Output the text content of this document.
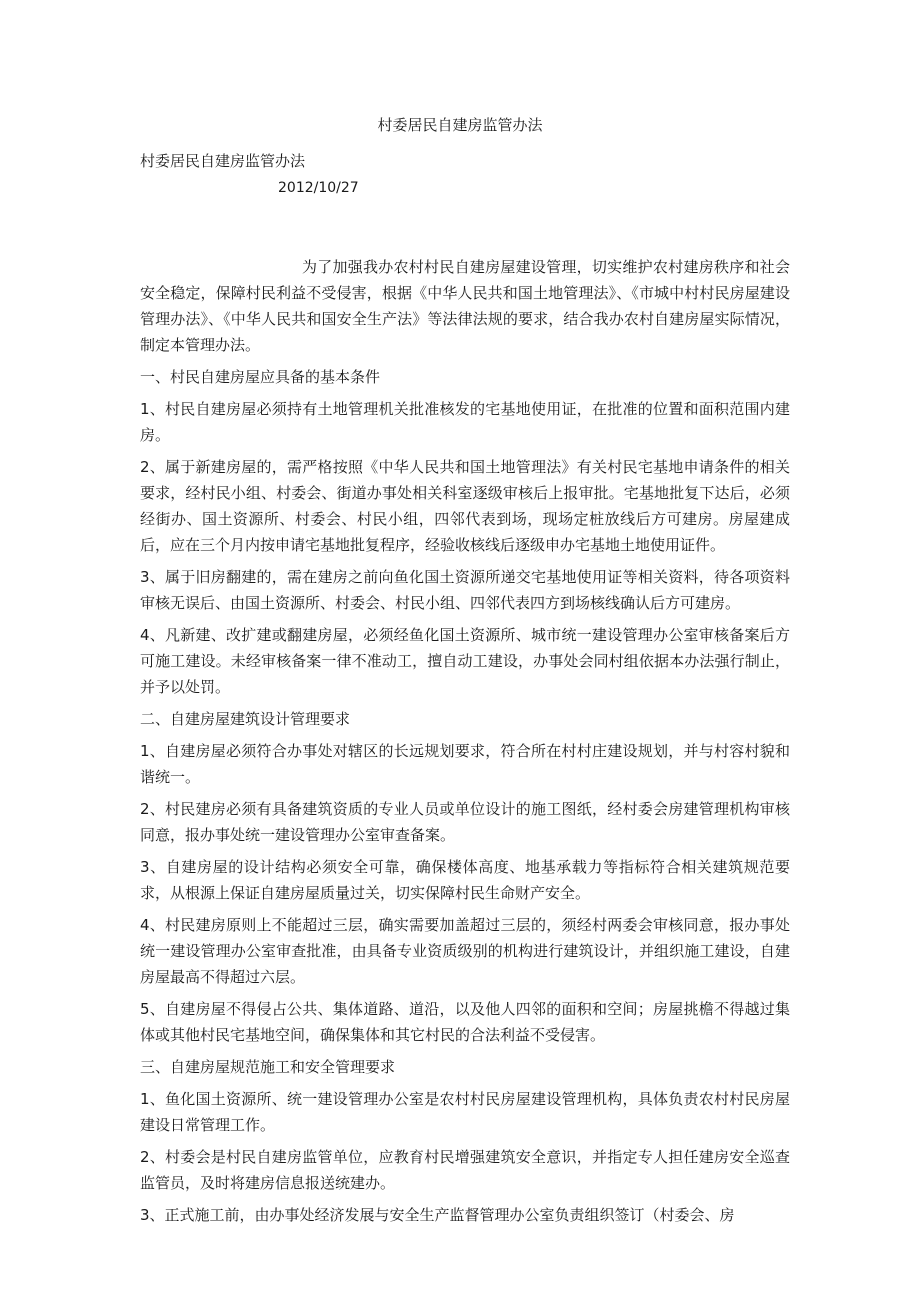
村委居民自建房监管办法
村委居民自建房监管办法
2012/10/27

为了加强我办农村村民自建房屋建设管理，切实维护农村建房秩序和社会安全稳定，保障村民利益不受侵害，根据《中华人民共和国土地管理法》、《市城中村村民房屋建设管理办法》、《中华人民共和国安全生产法》等法律法规的要求，结合我办农村自建房屋实际情况，制定本管理办法。

一、村民自建房屋应具备的基本条件

1、村民自建房屋必须持有土地管理机关批准核发的宅基地使用证，在批准的位置和面积范围内建房。

2、属于新建房屋的，需严格按照《中华人民共和国土地管理法》有关村民宅基地申请条件的相关要求，经村民小组、村委会、街道办事处相关科室逐级审核后上报审批。宅基地批复下达后，必须经街办、国土资源所、村委会、村民小组，四邻代表到场，现场定桩放线后方可建房。房屋建成后，应在三个月内按申请宅基地批复程序，经验收核线后逐级申办宅基地土地使用证件。

3、属于旧房翻建的，需在建房之前向鱼化国土资源所递交宅基地使用证等相关资料，待各项资料审核无误后、由国土资源所、村委会、村民小组、四邻代表四方到场核线确认后方可建房。

4、凡新建、改扩建或翻建房屋，必须经鱼化国土资源所、城市统一建设管理办公室审核备案后方可施工建设。未经审核备案一律不准动工，擅自动工建设，办事处会同村组依据本办法强行制止，并予以处罚。

二、自建房屋建筑设计管理要求

1、自建房屋必须符合办事处对辖区的长远规划要求，符合所在村村庄建设规划，并与村容村貌和谐统一。

2、村民建房必须有具备建筑资质的专业人员或单位设计的施工图纸，经村委会房建管理机构审核同意，报办事处统一建设管理办公室审查备案。

3、自建房屋的设计结构必须安全可靠，确保楼体高度、地基承载力等指标符合相关建筑规范要求，从根源上保证自建房屋质量过关，切实保障村民生命财产安全。

4、村民建房原则上不能超过三层，确实需要加盖超过三层的，须经村两委会审核同意，报办事处统一建设管理办公室审查批准，由具备专业资质级别的机构进行建筑设计，并组织施工建设，自建房屋最高不得超过六层。

5、自建房屋不得侵占公共、集体道路、道沿，以及他人四邻的面积和空间；房屋挑檐不得越过集体或其他村民宅基地空间，确保集体和其它村民的合法利益不受侵害。

三、自建房屋规范施工和安全管理要求

1、鱼化国土资源所、统一建设管理办公室是农村村民房屋建设管理机构，具体负责农村村民房屋建设日常管理工作。

2、村委会是村民自建房监管单位，应教育村民增强建筑安全意识，并指定专人担任建房安全巡查监管员，及时将建房信息报送统建办。

3、正式施工前，由办事处经济发展与安全生产监督管理办公室负责组织签订（村委会、房
